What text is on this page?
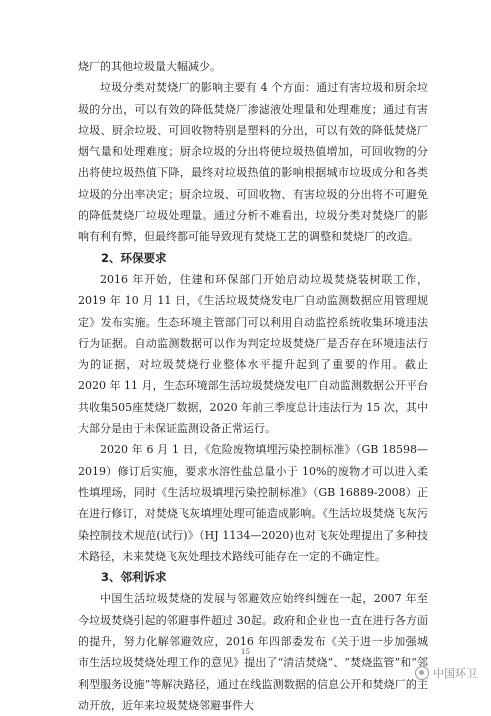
烧厂的其他垃圾量大幅减少。

垃圾分类对焚烧厂的影响主要有 4 个方面：通过有害垃圾和厨余垃圾的分出，可以有效的降低焚烧厂渗滤液处理量和处理难度；通过有害垃圾、厨余垃圾、可回收物特别是塑料的分出，可以有效的降低焚烧厂烟气量和处理难度；厨余垃圾的分出将使垃圾热值增加，可回收物的分出将使垃圾热值下降，最终对垃圾热值的影响根据城市垃圾成分和各类垃圾的分出率决定；厨余垃圾、可回收物、有害垃圾的分出将不可避免的降低焚烧厂垃圾处理量。通过分析不难看出，垃圾分类对焚烧厂的影响有利有弊，但最终都可能导致现有焚烧工艺的调整和焚烧厂的改造。

2、环保要求

2016 年开始，住建和环保部门开始启动垃圾焚烧装树联工作，2019 年 10 月 11 日，《生活垃圾焚烧发电厂自动监测数据应用管理规定》发布实施。生态环境主管部门可以利用自动监控系统收集环境违法行为证据。自动监测数据可以作为判定垃圾焚烧厂是否存在环境违法行为的证据，对垃圾焚烧行业整体水平提升起到了重要的作用。截止 2020 年 11 月，生态环境部生活垃圾焚烧发电厂自动监测数据公开平台共收集505座焚烧厂数据，2020 年前三季度总计违法行为 15 次，其中大部分是由于未保证监测设备正常运行。

2020 年 6 月 1 日，《危险废物填埋污染控制标准》（GB 18598—2019）修订后实施，要求水溶性盐总量小于 10%的废物才可以进入柔性填埋场，同时《生活垃圾填埋污染控制标准》（GB 16889-2008）正在进行修订，对焚烧飞灰填埋处理可能造成影响。《生活垃圾焚烧飞灰污染控制技术规范(试行)》（HJ 1134—2020)也对飞灰处理提出了多种技术路径，未来焚烧飞灰处理技术路线可能存在一定的不确定性。

3、邻利诉求

中国生活垃圾焚烧的发展与邻避效应始终纠缠在一起，2007 年至今垃圾焚烧引起的邻避事件超过 30起。政府和企业也一直在进行各方面的提升，努力化解邻避效应，2016 年四部委发布《关于进一步加强城市生活垃圾焚烧处理工作的意见》提出了“清洁焚烧”、“焚烧监管”和“邻利型服务设施”等解决路径，通过在线监测数据的信息公开和焚烧厂的主动开放，近年来垃圾焚烧邻避事件大

15
中国环卫
